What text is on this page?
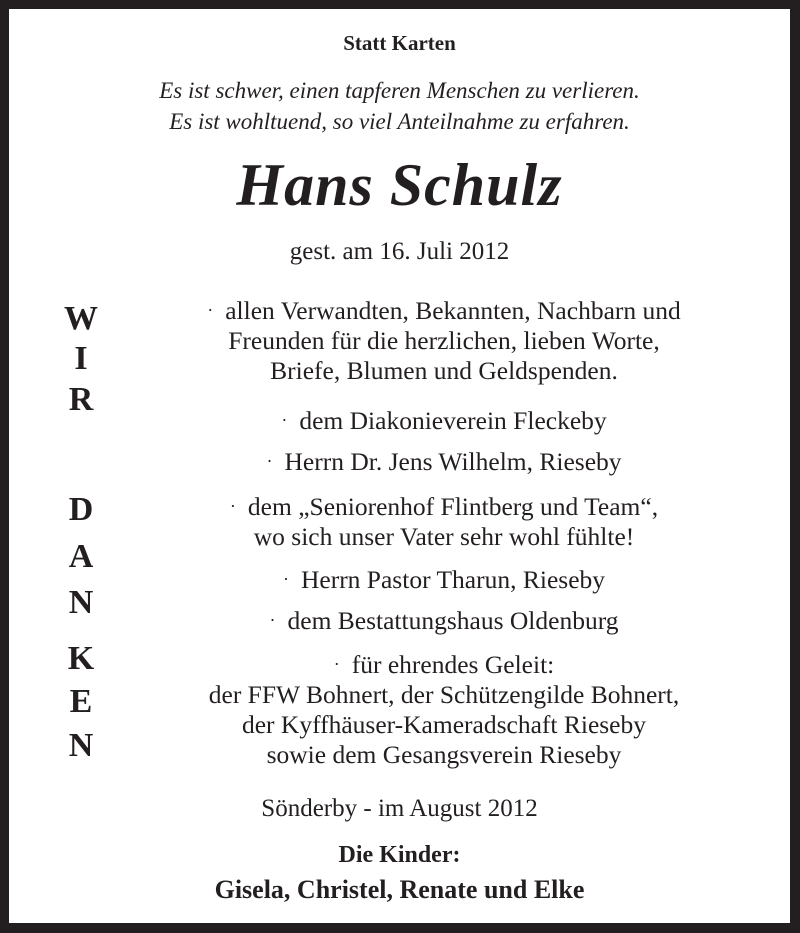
Statt Karten
Es ist schwer, einen tapferen Menschen zu verlieren.
Es ist wohltuend, so viel Anteilnahme zu erfahren.
Hans Schulz
gest. am 16. Juli 2012
W
I
R
D
A
N
K
E
N
· allen Verwandten, Bekannten, Nachbarn und
Freunden für die herzlichen, lieben Worte,
Briefe, Blumen und Geldspenden.
· dem Diakonieverein Fleckeby
· Herrn Dr. Jens Wilhelm, Rieseby
· dem „Seniorenhof Flintberg und Team“,
wo sich unser Vater sehr wohl fühlte!
· Herrn Pastor Tharun, Rieseby
· dem Bestattungshaus Oldenburg
· für ehrendes Geleit:
der FFW Bohnert, der Schützengilde Bohnert,
der Kyffhäuser-Kameradschaft Rieseby
sowie dem Gesangsverein Rieseby
Sönderby - im August 2012
Die Kinder:
Gisela, Christel, Renate und Elke
